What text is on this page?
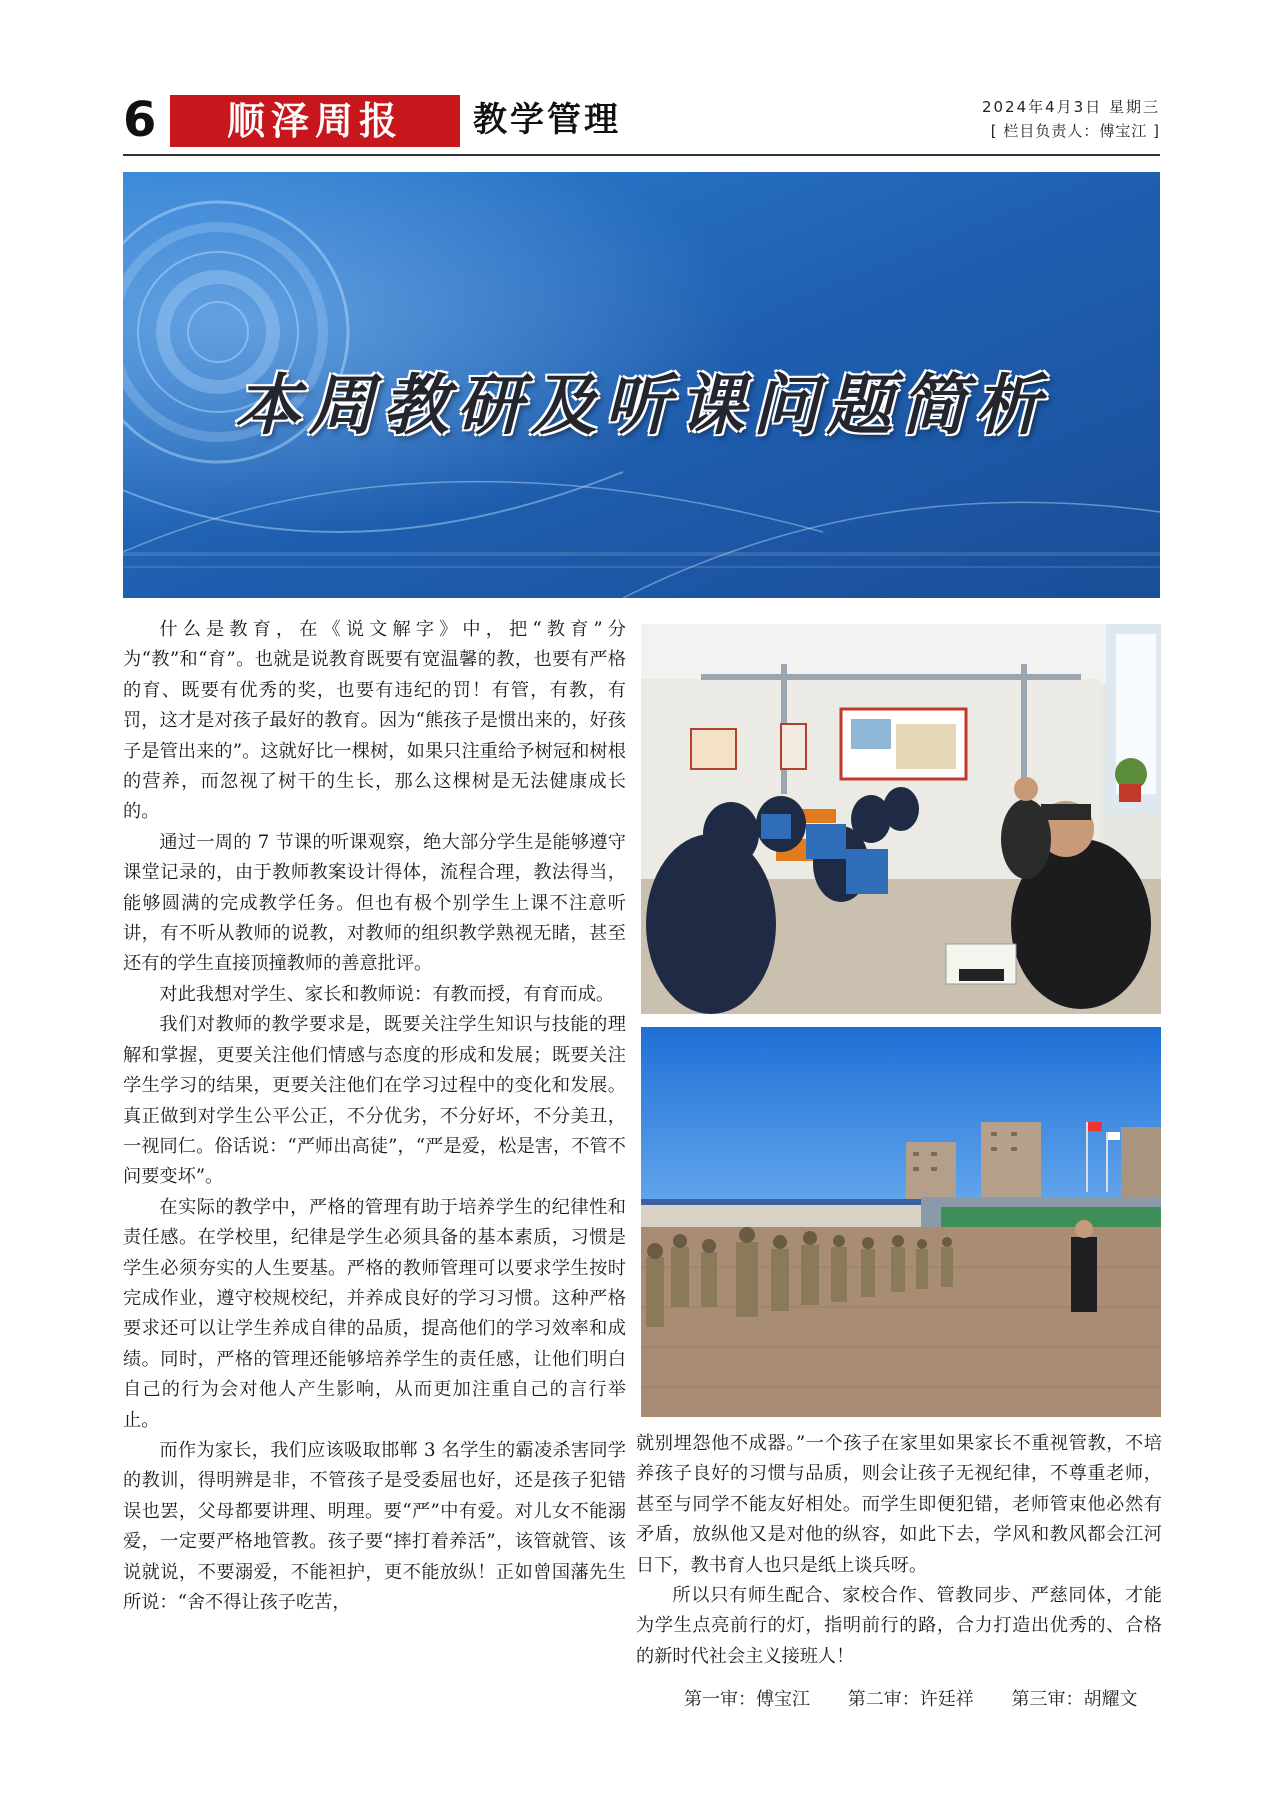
6 顺泽周报 教学管理	2024年4月3日 星期三
[ 栏目负责人：傅宝江 ]
本周教研及听课问题简析

什么是教育，在《说文解字》中，把“教育”分为“教”和“育”。也就是说教育既要有宽温馨的教，也要有严格的育、既要有优秀的奖，也要有违纪的罚！有管，有教，有罚，这才是对孩子最好的教育。因为“熊孩子是惯出来的，好孩子是管出来的”。这就好比一棵树，如果只注重给予树冠和树根的营养，而忽视了树干的生长，那么这棵树是无法健康成长的。

通过一周的 7 节课的听课观察，绝大部分学生是能够遵守课堂记录的，由于教师教案设计得体，流程合理，教法得当，能够圆满的完成教学任务。但也有极个别学生上课不注意听讲，有不听从教师的说教，对教师的组织教学熟视无睹，甚至还有的学生直接顶撞教师的善意批评。

对此我想对学生、家长和教师说：有教而授，有育而成。

我们对教师的教学要求是，既要关注学生知识与技能的理解和掌握，更要关注他们情感与态度的形成和发展；既要关注学生学习的结果，更要关注他们在学习过程中的变化和发展。真正做到对学生公平公正，不分优劣，不分好坏，不分美丑，一视同仁。俗话说：“严师出高徒”，“严是爱，松是害，不管不问要变坏”。

在实际的教学中，严格的管理有助于培养学生的纪律性和责任感。在学校里，纪律是学生必须具备的基本素质，习惯是学生必须夯实的人生要基。严格的教师管理可以要求学生按时完成作业，遵守校规校纪，并养成良好的学习习惯。这种严格要求还可以让学生养成自律的品质，提高他们的学习效率和成绩。同时，严格的管理还能够培养学生的责任感，让他们明白自己的行为会对他人产生影响，从而更加注重自己的言行举止。

而作为家长，我们应该吸取邯郸 3 名学生的霸凌杀害同学的教训，得明辨是非，不管孩子是受委屈也好，还是孩子犯错误也罢，父母都要讲理、明理。要“严”中有爱。对儿女不能溺爱，一定要严格地管教。孩子要“摔打着养活”，该管就管、该说就说，不要溺爱，不能袒护，更不能放纵！正如曾国藩先生所说：“舍不得让孩子吃苦，

就别埋怨他不成器。”一个孩子在家里如果家长不重视管教，不培养孩子良好的习惯与品质，则会让孩子无视纪律，不尊重老师，甚至与同学不能友好相处。而学生即便犯错，老师管束他必然有矛盾，放纵他又是对他的纵容，如此下去，学风和教风都会江河日下，教书育人也只是纸上谈兵呀。

所以只有师生配合、家校合作、管教同步、严慈同体，才能为学生点亮前行的灯，指明前行的路，合力打造出优秀的、合格的新时代社会主义接班人！

第一审：傅宝江 第二审：许廷祥 第三审：胡耀文
